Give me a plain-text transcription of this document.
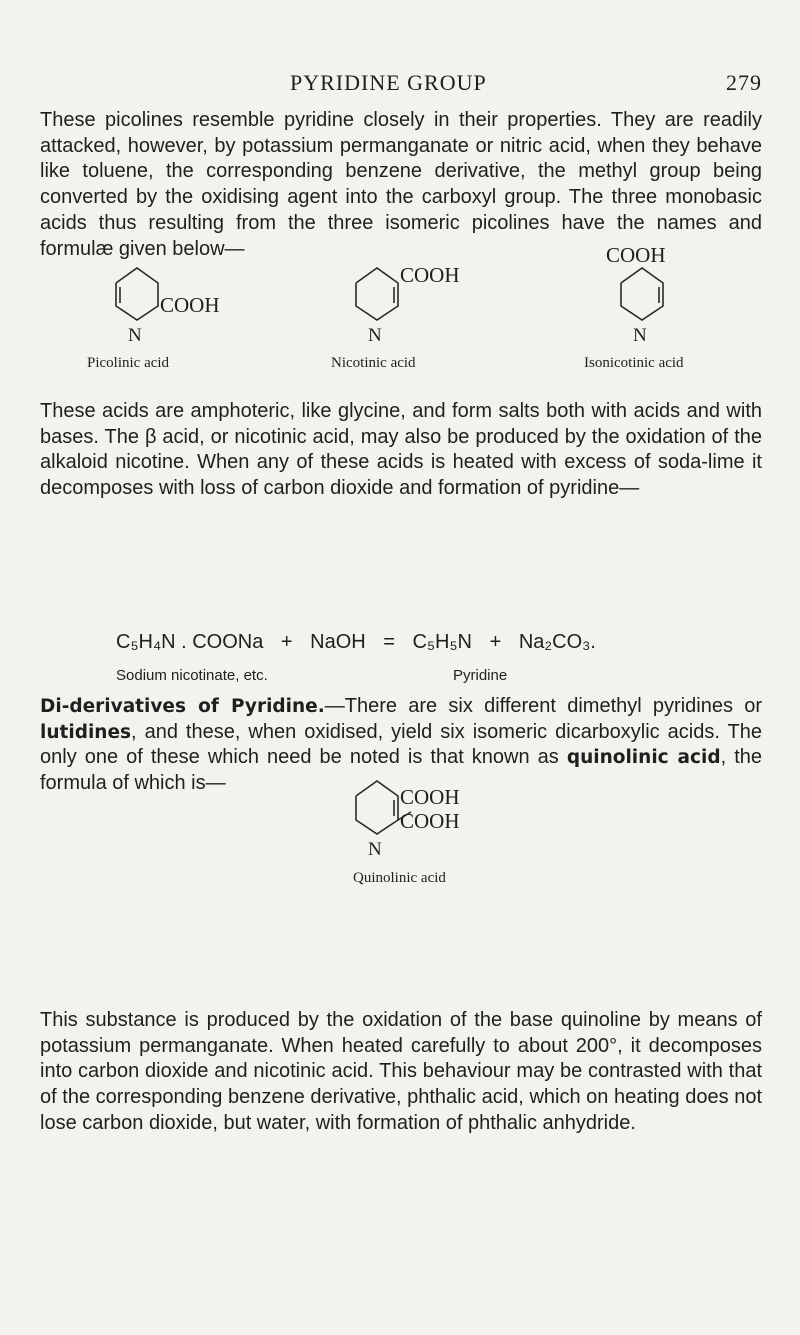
PYRIDINE GROUP	279

These picolines resemble pyridine closely in their properties. They are readily attacked, however, by potassium permanganate or nitric acid, when they behave like toluene, the corresponding benzene derivative, the methyl group being converted by the oxidising agent into the carboxyl group. The three monobasic acids thus resulting from the three isomeric picolines have the names and formulæ given below—

COOH
N
COOH
N
COOH
N
Picolinic acid	Nicotinic acid	Isonicotinic acid

These acids are amphoteric, like glycine, and form salts both with acids and with bases. The β acid, or nicotinic acid, may also be produced by the oxidation of the alkaloid nicotine. When any of these acids is heated with excess of soda-lime it decomposes with loss of carbon dioxide and formation of pyridine—

C₅H₄N . COONa + NaOH = C₅H₅N + Na₂CO₃.
Sodium nicotinate, etc.	Pyridine

Di-derivatives of Pyridine.—There are six different dimethyl pyridines or lutidines, and these, when oxidised, yield six isomeric dicarboxylic acids. The only one of these which need be noted is that known as quinolinic acid, the formula of which is—

COOH
COOH
N
Quinolinic acid

This substance is produced by the oxidation of the base quinoline by means of potassium permanganate. When heated carefully to about 200°, it decomposes into carbon dioxide and nicotinic acid. This behaviour may be contrasted with that of the corresponding benzene derivative, phthalic acid, which on heating does not lose carbon dioxide, but water, with formation of phthalic anhydride.
